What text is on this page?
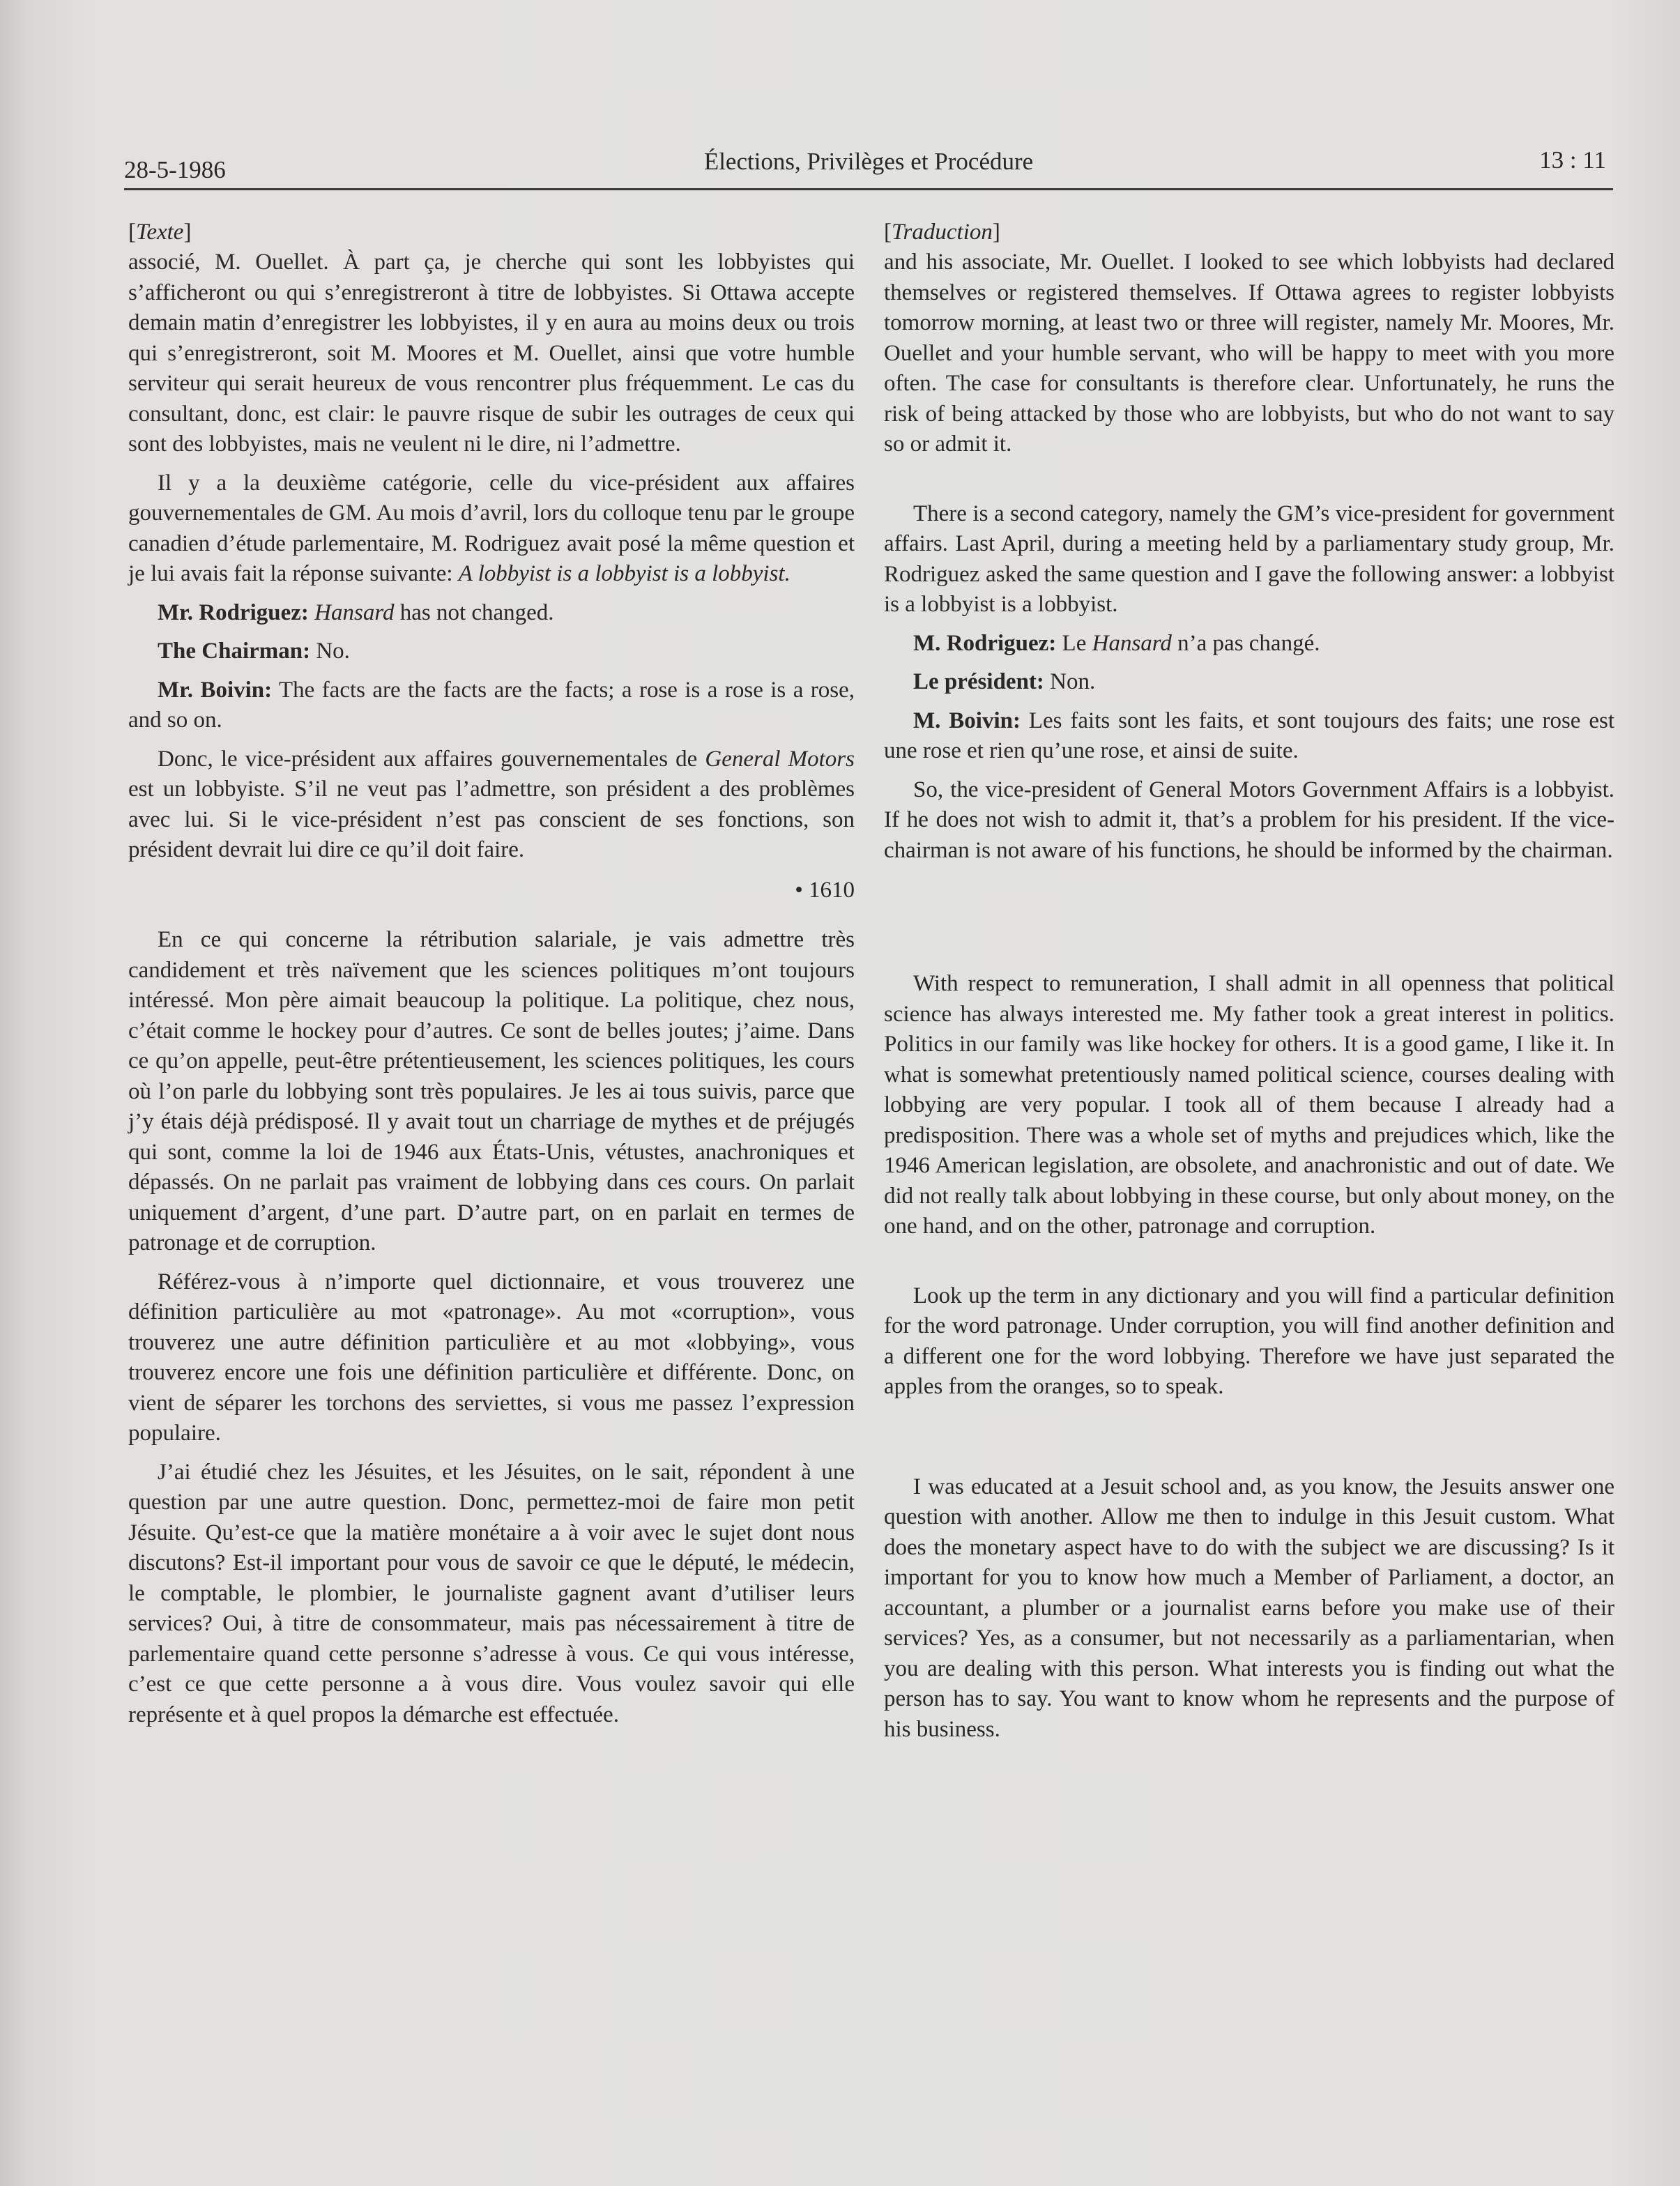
28-5-1986	Élections, Privilèges et Procédure	13 : 11

[Texte]

associé, M. Ouellet. À part ça, je cherche qui sont les lobbyistes qui s’afficheront ou qui s’enregistreront à titre de lobbyistes. Si Ottawa accepte demain matin d’enregistrer les lobbyistes, il y en aura au moins deux ou trois qui s’enregistreront, soit M. Moores et M. Ouellet, ainsi que votre humble serviteur qui serait heureux de vous rencontrer plus fréquemment. Le cas du consultant, donc, est clair: le pauvre risque de subir les outrages de ceux qui sont des lobbyistes, mais ne veulent ni le dire, ni l’admettre.

Il y a la deuxième catégorie, celle du vice-président aux affaires gouvernementales de GM. Au mois d’avril, lors du colloque tenu par le groupe canadien d’étude parlementaire, M. Rodriguez avait posé la même question et je lui avais fait la réponse suivante: A lobbyist is a lobbyist is a lobbyist.

Mr. Rodriguez: Hansard has not changed.

The Chairman: No.

Mr. Boivin: The facts are the facts are the facts; a rose is a rose is a rose, and so on.

Donc, le vice-président aux affaires gouvernementales de General Motors est un lobbyiste. S’il ne veut pas l’admettre, son président a des problèmes avec lui. Si le vice-président n’est pas conscient de ses fonctions, son président devrait lui dire ce qu’il doit faire.

• 1610

En ce qui concerne la rétribution salariale, je vais admettre très candidement et très naïvement que les sciences politiques m’ont toujours intéressé. Mon père aimait beaucoup la politique. La politique, chez nous, c’était comme le hockey pour d’autres. Ce sont de belles joutes; j’aime. Dans ce qu’on appelle, peut-être prétentieusement, les sciences politiques, les cours où l’on parle du lobbying sont très populaires. Je les ai tous suivis, parce que j’y étais déjà prédisposé. Il y avait tout un charriage de mythes et de préjugés qui sont, comme la loi de 1946 aux États-Unis, vétustes, anachroniques et dépassés. On ne parlait pas vraiment de lobbying dans ces cours. On parlait uniquement d’argent, d’une part. D’autre part, on en parlait en termes de patronage et de corruption.

Référez-vous à n’importe quel dictionnaire, et vous trouverez une définition particulière au mot «patronage». Au mot «corruption», vous trouverez une autre définition particulière et au mot «lobbying», vous trouverez encore une fois une définition particulière et différente. Donc, on vient de séparer les torchons des serviettes, si vous me passez l’expression populaire.

J’ai étudié chez les Jésuites, et les Jésuites, on le sait, répondent à une question par une autre question. Donc, permettez-moi de faire mon petit Jésuite. Qu’est-ce que la matière monétaire a à voir avec le sujet dont nous discutons? Est-il important pour vous de savoir ce que le député, le médecin, le comptable, le plombier, le journaliste gagnent avant d’utiliser leurs services? Oui, à titre de consommateur, mais pas nécessairement à titre de parlementaire quand cette personne s’adresse à vous. Ce qui vous intéresse, c’est ce que cette personne a à vous dire. Vous voulez savoir qui elle représente et à quel propos la démarche est effectuée.

[Traduction]

and his associate, Mr. Ouellet. I looked to see which lobbyists had declared themselves or registered themselves. If Ottawa agrees to register lobbyists tomorrow morning, at least two or three will register, namely Mr. Moores, Mr. Ouellet and your humble servant, who will be happy to meet with you more often. The case for consultants is therefore clear. Unfortunately, he runs the risk of being attacked by those who are lobbyists, but who do not want to say so or admit it.

There is a second category, namely the GM’s vice-president for government affairs. Last April, during a meeting held by a parliamentary study group, Mr. Rodriguez asked the same question and I gave the following answer: a lobbyist is a lobbyist is a lobbyist.

M. Rodriguez: Le Hansard n’a pas changé.

Le président: Non.

M. Boivin: Les faits sont les faits, et sont toujours des faits; une rose est une rose et rien qu’une rose, et ainsi de suite.

So, the vice-president of General Motors Government Affairs is a lobbyist. If he does not wish to admit it, that’s a problem for his president. If the vice-chairman is not aware of his functions, he should be informed by the chairman.

With respect to remuneration, I shall admit in all openness that political science has always interested me. My father took a great interest in politics. Politics in our family was like hockey for others. It is a good game, I like it. In what is somewhat pretentiously named political science, courses dealing with lobbying are very popular. I took all of them because I already had a predisposition. There was a whole set of myths and prejudices which, like the 1946 American legislation, are obsolete, and anachronistic and out of date. We did not really talk about lobbying in these course, but only about money, on the one hand, and on the other, patronage and corruption.

Look up the term in any dictionary and you will find a particular definition for the word patronage. Under corruption, you will find another definition and a different one for the word lobbying. Therefore we have just separated the apples from the oranges, so to speak.

I was educated at a Jesuit school and, as you know, the Jesuits answer one question with another. Allow me then to indulge in this Jesuit custom. What does the monetary aspect have to do with the subject we are discussing? Is it important for you to know how much a Member of Parliament, a doctor, an accountant, a plumber or a journalist earns before you make use of their services? Yes, as a consumer, but not necessarily as a parliamentarian, when you are dealing with this person. What interests you is finding out what the person has to say. You want to know whom he represents and the purpose of his business.
